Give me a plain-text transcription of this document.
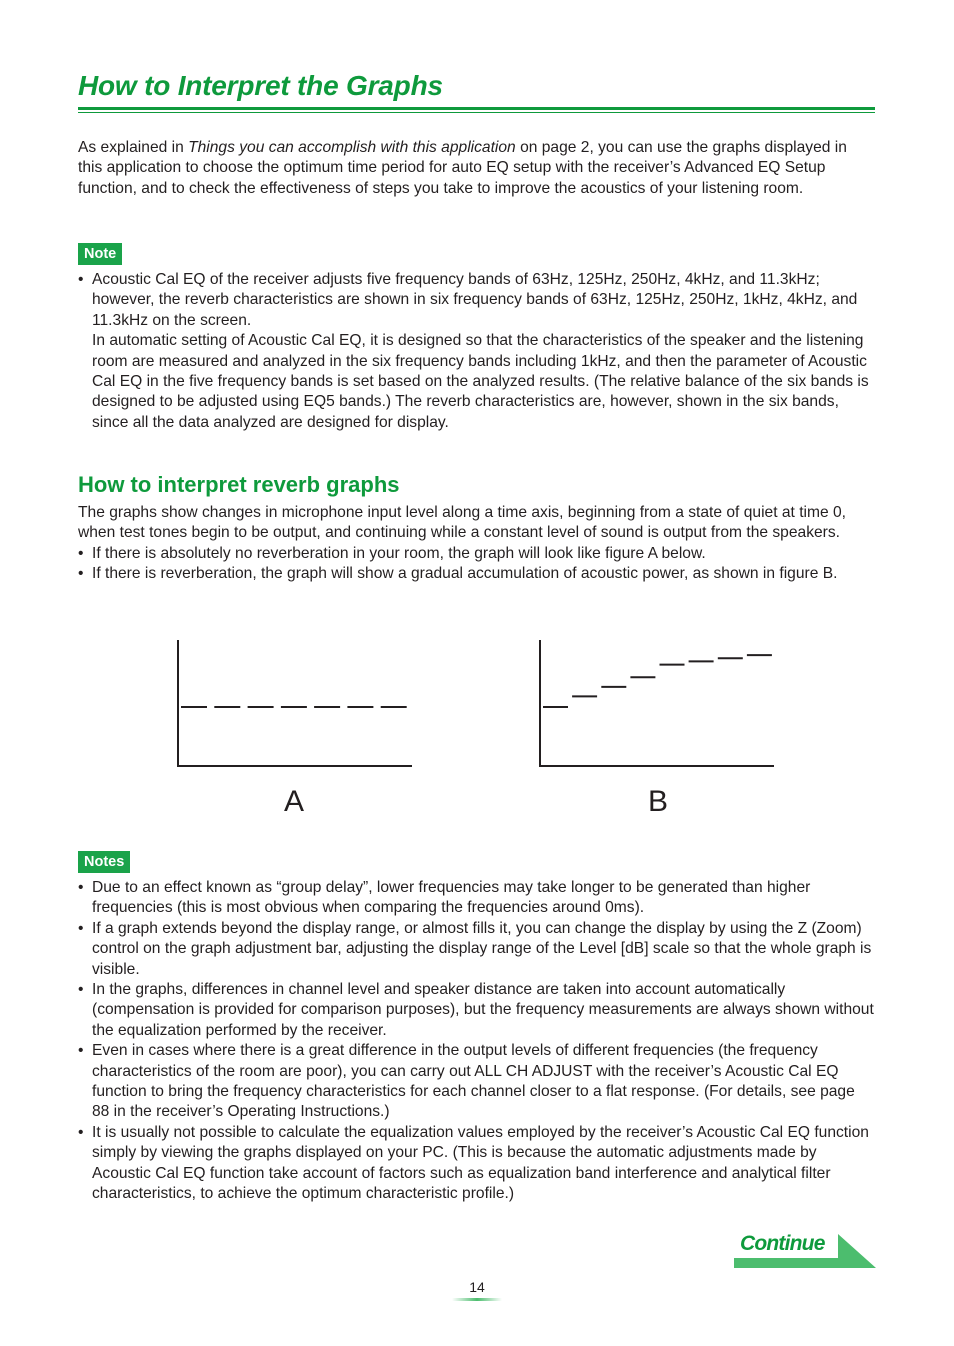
How to Interpret the Graphs

As explained in Things you can accomplish with this application on page 2, you can use the graphs displayed in this application to choose the optimum time period for auto EQ setup with the receiver’s Advanced EQ Setup function, and to check the effectiveness of steps you take to improve the acoustics of your listening room.

Note
• Acoustic Cal EQ of the receiver adjusts five frequency bands of 63Hz, 125Hz, 250Hz, 4kHz, and 11.3kHz; however, the reverb characteristics are shown in six frequency bands of 63Hz, 125Hz, 250Hz, 1kHz, 4kHz, and 11.3kHz on the screen.
In automatic setting of Acoustic Cal EQ, it is designed so that the characteristics of the speaker and the listening room are measured and analyzed in the six frequency bands including 1kHz, and then the parameter of Acoustic Cal EQ in the five frequency bands is set based on the analyzed results. (The relative balance of the six bands is designed to be adjusted using EQ5 bands.) The reverb characteristics are, however, shown in the six bands, since all the data analyzed are designed for display.
How to interpret reverb graphs

The graphs show changes in microphone input level along a time axis, beginning from a state of quiet at time 0, when test tones begin to be output, and continuing while a constant level of sound is output from the speakers.

• If there is absolutely no reverberation in your room, the graph will look like figure A below.
• If there is reverberation, the graph will show a gradual accumulation of acoustic power, as shown in figure B.
A	B
Notes
• Due to an effect known as “group delay”, lower frequencies may take longer to be generated than higher frequencies (this is most obvious when comparing the frequencies around 0ms).
• If a graph extends beyond the display range, or almost fills it, you can change the display by using the Z (Zoom) control on the graph adjustment bar, adjusting the display range of the Level [dB] scale so that the whole graph is visible.
• In the graphs, differences in channel level and speaker distance are taken into account automatically (compensation is provided for comparison purposes), but the frequency measurements are always shown without the equalization performed by the receiver.
• Even in cases where there is a great difference in the output levels of different frequencies (the frequency characteristics of the room are poor), you can carry out ALL CH ADJUST with the receiver’s Acoustic Cal EQ function to bring the frequency characteristics for each channel closer to a flat response. (For details, see page 88 in the receiver’s Operating Instructions.)
• It is usually not possible to calculate the equalization values employed by the receiver’s Acoustic Cal EQ function simply by viewing the graphs displayed on your PC. (This is because the automatic adjustments made by Acoustic Cal EQ function take account of factors such as equalization band interference and analytical filter characteristics, to achieve the optimum characteristic profile.)
Continue
14
